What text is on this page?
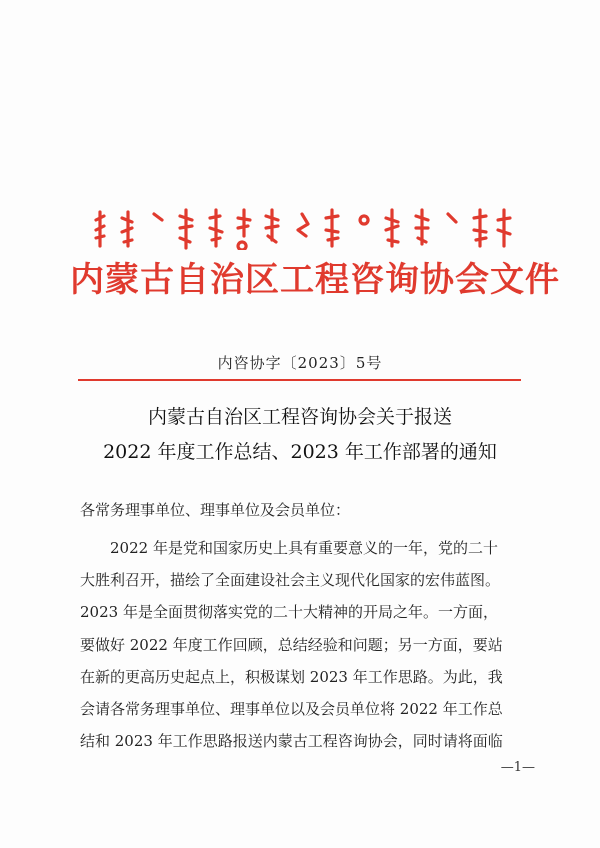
内蒙古自治区工程咨询协会文件
内咨协字〔2023〕5号
内蒙古自治区工程咨询协会关于报送
2022 年度工作总结、2023 年工作部署的通知
各常务理事单位、理事单位及会员单位：
2022 年是党和国家历史上具有重要意义的一年，党的二十
大胜利召开，描绘了全面建设社会主义现代化国家的宏伟蓝图。
2023 年是全面贯彻落实党的二十大精神的开局之年。一方面，
要做好 2022 年度工作回顾，总结经验和问题；另一方面，要站
在新的更高历史起点上，积极谋划 2023 年工作思路。为此，我
会请各常务理事单位、理事单位以及会员单位将 2022 年工作总
结和 2023 年工作思路报送内蒙古工程咨询协会，同时请将面临
—1—
